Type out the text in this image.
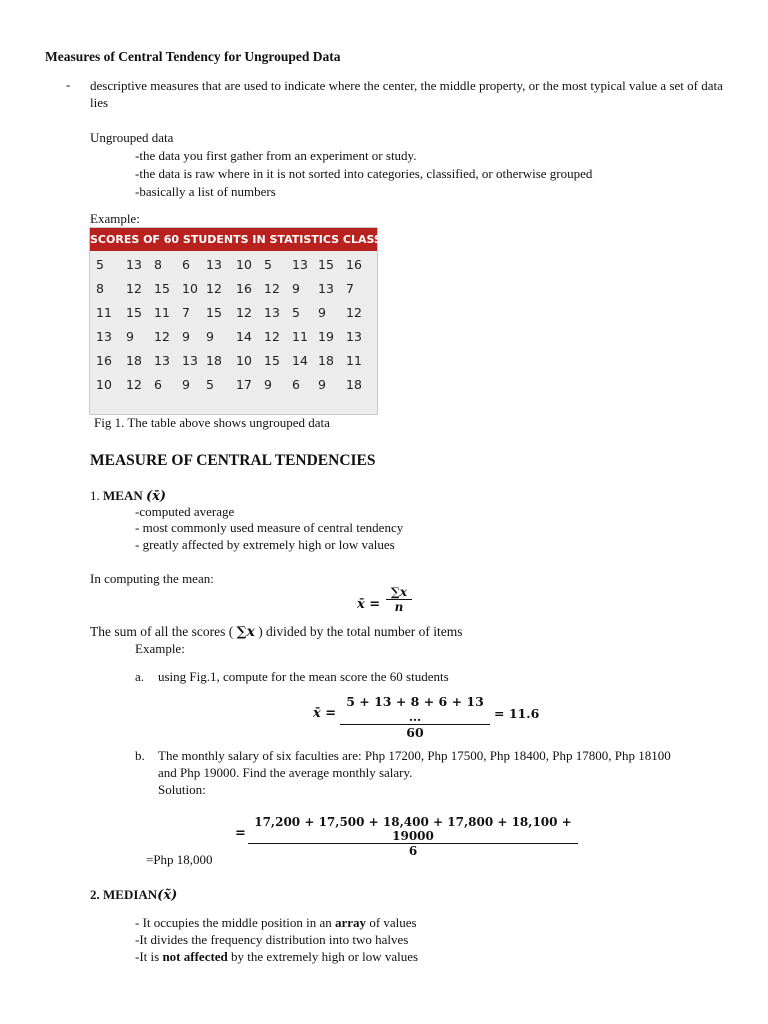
Measures of Central Tendency for Ungrouped Data
- descriptive measures that are used to indicate where the center, the middle property, or the most typical value a set of data lies
Ungrouped data
-the data you first gather from an experiment or study.
-the data is raw where in it is not sorted into categories, classified, or otherwise grouped
-basically a list of numbers
Example:
SCORES OF 60 STUDENTS IN STATISTICS CLASS
5 13 8 6 13 10 5 13 15 16
8 12 15 10 12 16 12 9 13 7
11 15 11 7 15 12 13 5 9 12
13 9 12 9 9 14 12 11 19 13
16 18 13 13 18 10 15 14 18 11
10 12 6 9 5 17 9 6 9 18
Fig 1. The table above shows ungrouped data
MEASURE OF CENTRAL TENDENCIES
1. MEAN (x̄)
-computed average
- most commonly used measure of central tendency
- greatly affected by extremely high or low values
In computing the mean:
x̄ =
∑x
n
The sum of all the scores ( ∑x ) divided by the total number of items
Example:
a. using Fig.1, compute for the mean score the 60 students
x̄ =
5 + 13 + 8 + 6 + 13 …
60
= 11.6
b. The monthly salary of six faculties are: Php 17200, Php 17500, Php 18400, Php 17800, Php 18100
and Php 19000. Find the average monthly salary.
Solution:
=
17,200 + 17,500 + 18,400 + 17,800 + 18,100 + 19000
6
=Php 18,000
2. MEDIAN(x̃)
- It occupies the middle position in an array of values
-It divides the frequency distribution into two halves
-It is not affected by the extremely high or low values
